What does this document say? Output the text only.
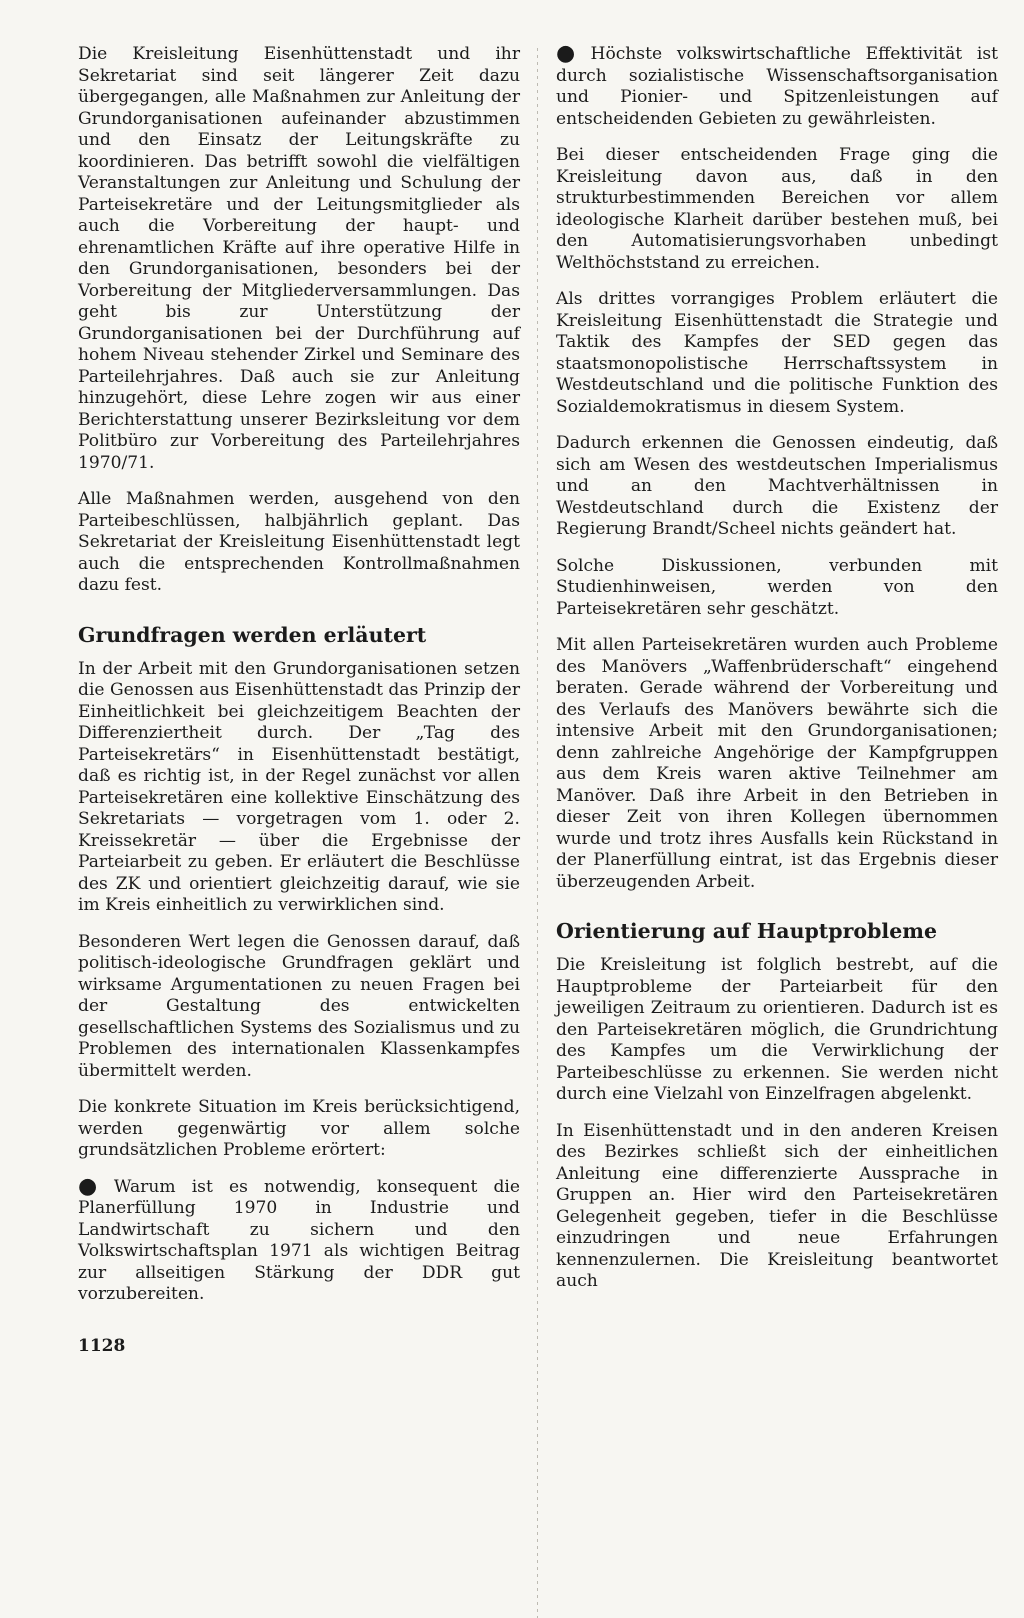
Die Kreisleitung Eisenhüttenstadt und ihr Sekretariat sind seit längerer Zeit dazu übergegangen, alle Maßnahmen zur Anleitung der Grundorganisationen aufeinander abzustimmen und den Einsatz der Leitungskräfte zu koordinieren. Das betrifft sowohl die vielfältigen Veranstaltungen zur Anleitung und Schulung der Parteisekretäre und der Leitungsmitglieder als auch die Vorbereitung der haupt- und ehrenamtlichen Kräfte auf ihre operative Hilfe in den Grundorganisationen, besonders bei der Vorbereitung der Mitgliederversammlungen. Das geht bis zur Unterstützung der Grundorganisationen bei der Durchführung auf hohem Niveau stehender Zirkel und Seminare des Parteilehrjahres. Daß auch sie zur Anleitung hinzugehört, diese Lehre zogen wir aus einer Berichterstattung unserer Bezirksleitung vor dem Politbüro zur Vorbereitung des Parteilehrjahres 1970/71.

Alle Maßnahmen werden, ausgehend von den Parteibeschlüssen, halbjährlich geplant. Das Sekretariat der Kreisleitung Eisenhüttenstadt legt auch die entsprechenden Kontrollmaßnahmen dazu fest.

Grundfragen werden erläutert

In der Arbeit mit den Grundorganisationen setzen die Genossen aus Eisenhüttenstadt das Prinzip der Einheitlichkeit bei gleichzeitigem Beachten der Differenziertheit durch. Der „Tag des Parteisekretärs“ in Eisenhüttenstadt bestätigt, daß es richtig ist, in der Regel zunächst vor allen Parteisekretären eine kollektive Einschätzung des Sekretariats — vorgetragen vom 1. oder 2. Kreissekretär — über die Ergebnisse der Parteiarbeit zu geben. Er erläutert die Beschlüsse des ZK und orientiert gleichzeitig darauf, wie sie im Kreis einheitlich zu verwirklichen sind.

Besonderen Wert legen die Genossen darauf, daß politisch-ideologische Grundfragen geklärt und wirksame Argumentationen zu neuen Fragen bei der Gestaltung des entwickelten gesellschaftlichen Systems des Sozialismus und zu Problemen des internationalen Klassenkampfes übermittelt werden.

Die konkrete Situation im Kreis berücksichtigend, werden gegenwärtig vor allem solche grundsätzlichen Probleme erörtert:

● Warum ist es notwendig, konsequent die Planerfüllung 1970 in Industrie und Landwirtschaft zu sichern und den Volkswirtschaftsplan 1971 als wichtigen Beitrag zur allseitigen Stärkung der DDR gut vorzubereiten.

● Höchste volkswirtschaftliche Effektivität ist durch sozialistische Wissenschaftsorganisation und Pionier- und Spitzenleistungen auf entscheidenden Gebieten zu gewährleisten.

Bei dieser entscheidenden Frage ging die Kreisleitung davon aus, daß in den strukturbestimmenden Bereichen vor allem ideologische Klarheit darüber bestehen muß, bei den Automatisierungsvorhaben unbedingt Welthöchststand zu erreichen.

Als drittes vorrangiges Problem erläutert die Kreisleitung Eisenhüttenstadt die Strategie und Taktik des Kampfes der SED gegen das staatsmonopolistische Herrschaftssystem in Westdeutschland und die politische Funktion des Sozialdemokratismus in diesem System.

Dadurch erkennen die Genossen eindeutig, daß sich am Wesen des westdeutschen Imperialismus und an den Machtverhältnissen in Westdeutschland durch die Existenz der Regierung Brandt/Scheel nichts geändert hat.

Solche Diskussionen, verbunden mit Studienhinweisen, werden von den Parteisekretären sehr geschätzt.

Mit allen Parteisekretären wurden auch Probleme des Manövers „Waffenbrüderschaft“ eingehend beraten. Gerade während der Vorbereitung und des Verlaufs des Manövers bewährte sich die intensive Arbeit mit den Grundorganisationen; denn zahlreiche Angehörige der Kampfgruppen aus dem Kreis waren aktive Teilnehmer am Manöver. Daß ihre Arbeit in den Betrieben in dieser Zeit von ihren Kollegen übernommen wurde und trotz ihres Ausfalls kein Rückstand in der Planerfüllung eintrat, ist das Ergebnis dieser überzeugenden Arbeit.

Orientierung auf Hauptprobleme

Die Kreisleitung ist folglich bestrebt, auf die Hauptprobleme der Parteiarbeit für den jeweiligen Zeitraum zu orientieren. Dadurch ist es den Parteisekretären möglich, die Grundrichtung des Kampfes um die Verwirklichung der Parteibeschlüsse zu erkennen. Sie werden nicht durch eine Vielzahl von Einzelfragen abgelenkt.

In Eisenhüttenstadt und in den anderen Kreisen des Bezirkes schließt sich der einheitlichen Anleitung eine differenzierte Aussprache in Gruppen an. Hier wird den Parteisekretären Gelegenheit gegeben, tiefer in die Beschlüsse einzudringen und neue Erfahrungen kennenzulernen. Die Kreisleitung beantwortet auch

1128
